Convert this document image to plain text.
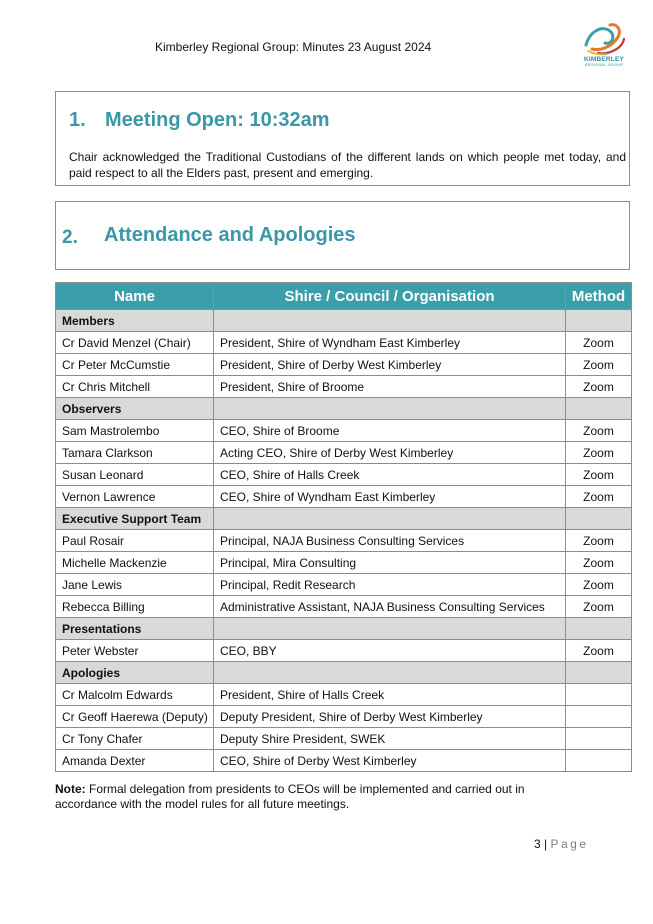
Kimberley Regional Group: Minutes 23 August 2024	THE
KIMBERLEY
REGIONAL GROUP
1. Meeting Open: 10:32am
Chair acknowledged the Traditional Custodians of the different lands on which people met today, and paid respect to all the Elders past, present and emerging.
2. Attendance and Apologies
Name	Shire / Council / Organisation	Method
Members		
Cr David Menzel (Chair)	President, Shire of Wyndham East Kimberley	Zoom
Cr Peter McCumstie	President, Shire of Derby West Kimberley	Zoom
Cr Chris Mitchell	President, Shire of Broome	Zoom
Observers		
Sam Mastrolembo	CEO, Shire of Broome	Zoom
Tamara Clarkson	Acting CEO, Shire of Derby West Kimberley	Zoom
Susan Leonard	CEO, Shire of Halls Creek	Zoom
Vernon Lawrence	CEO, Shire of Wyndham East Kimberley	Zoom
Executive Support Team		
Paul Rosair	Principal, NAJA Business Consulting Services	Zoom
Michelle Mackenzie	Principal, Mira Consulting	Zoom
Jane Lewis	Principal, Redit Research	Zoom
Rebecca Billing	Administrative Assistant, NAJA Business Consulting Services	Zoom
Presentations		
Peter Webster	CEO, BBY	Zoom
Apologies		
Cr Malcolm Edwards	President, Shire of Halls Creek	
Cr Geoff Haerewa (Deputy)	Deputy President, Shire of Derby West Kimberley	
Cr Tony Chafer	Deputy Shire President, SWEK	
Amanda Dexter	CEO, Shire of Derby West Kimberley	
Note: Formal delegation from presidents to CEOs will be implemented and carried out in accordance with the model rules for all future meetings.
3 | Page
